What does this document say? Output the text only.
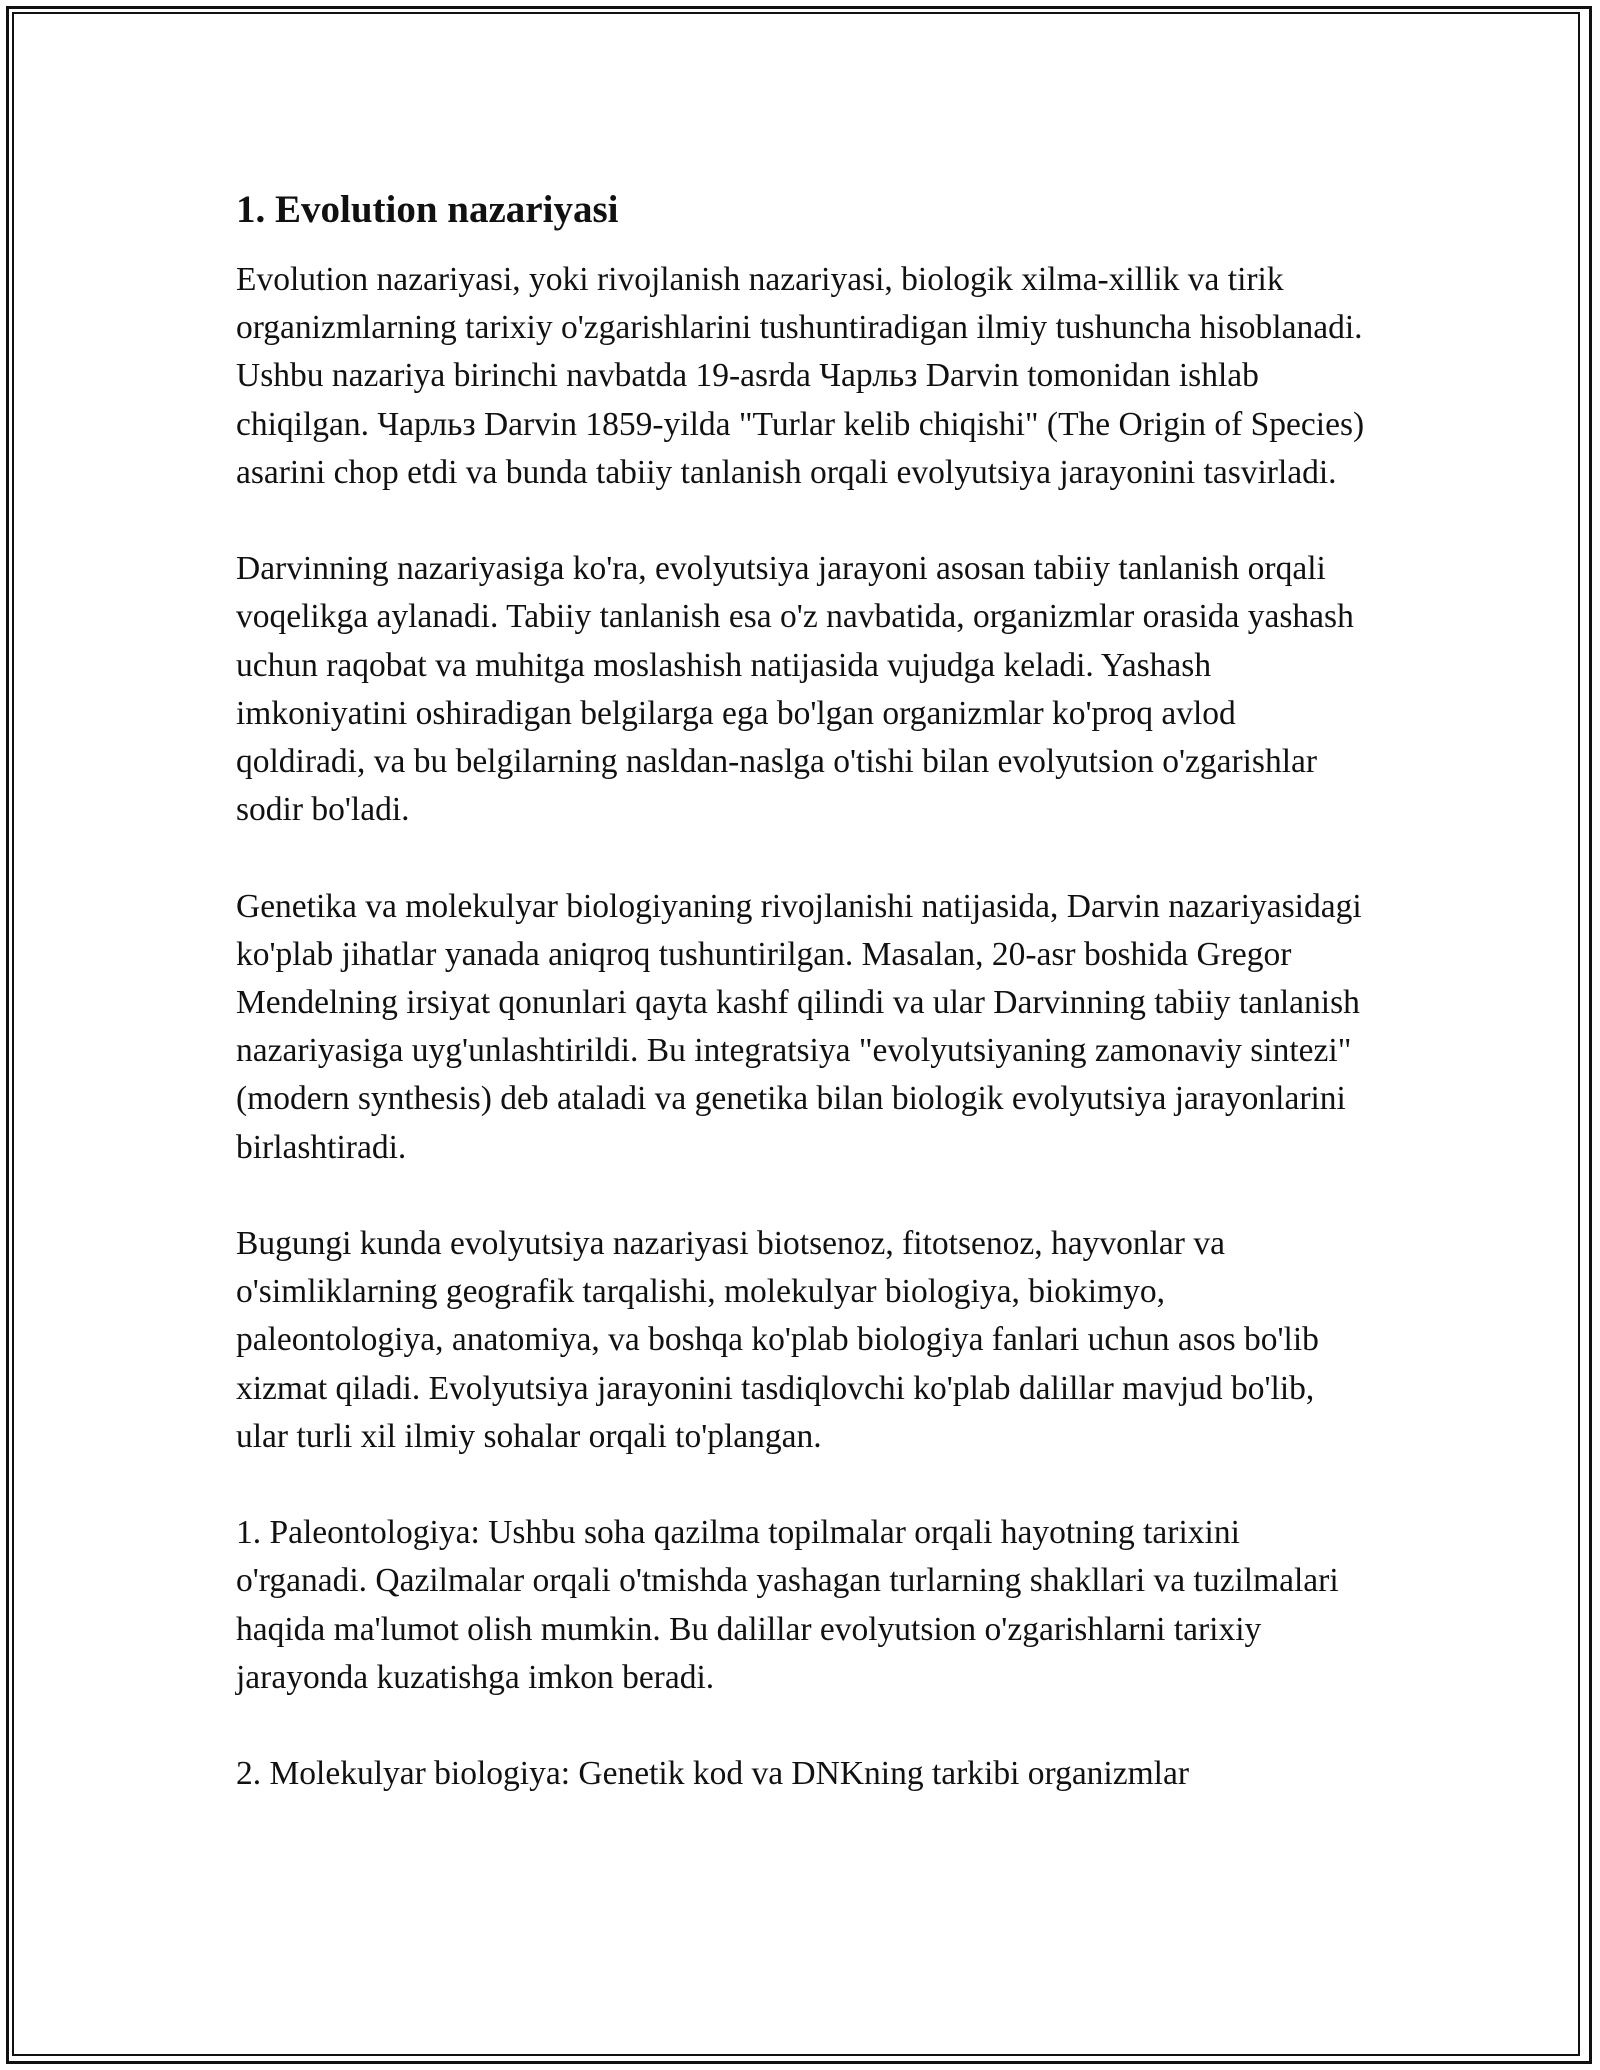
1. Evolution nazariyasi

Evolution nazariyasi, yoki rivojlanish nazariyasi, biologik xilma-xillik va tirik organizmlarning tarixiy o'zgarishlarini tushuntiradigan ilmiy tushuncha hisoblanadi. Ushbu nazariya birinchi navbatda 19-asrda Чарльз Darvin tomonidan ishlab chiqilgan. Чарльз Darvin 1859-yilda "Turlar kelib chiqishi" (The Origin of Species) asarini chop etdi va bunda tabiiy tanlanish orqali evolyutsiya jarayonini tasvirladi.

Darvinning nazariyasiga ko'ra, evolyutsiya jarayoni asosan tabiiy tanlanish orqali voqelikga aylanadi. Tabiiy tanlanish esa o'z navbatida, organizmlar orasida yashash uchun raqobat va muhitga moslashish natijasida vujudga keladi. Yashash imkoniyatini oshiradigan belgilarga ega bo'lgan organizmlar ko'proq avlod qoldiradi, va bu belgilarning nasldan-naslga o'tishi bilan evolyutsion o'zgarishlar sodir bo'ladi.

Genetika va molekulyar biologiyaning rivojlanishi natijasida, Darvin nazariyasidagi ko'plab jihatlar yanada aniqroq tushuntirilgan. Masalan, 20-asr boshida Gregor Mendelning irsiyat qonunlari qayta kashf qilindi va ular Darvinning tabiiy tanlanish nazariyasiga uyg'unlashtirildi. Bu integratsiya "evolyutsiyaning zamonaviy sintezi" (modern synthesis) deb ataladi va genetika bilan biologik evolyutsiya jarayonlarini birlashtiradi.

Bugungi kunda evolyutsiya nazariyasi biotsenoz, fitotsenoz, hayvonlar va o'simliklarning geografik tarqalishi, molekulyar biologiya, biokimyo, paleontologiya, anatomiya, va boshqa ko'plab biologiya fanlari uchun asos bo'lib xizmat qiladi. Evolyutsiya jarayonini tasdiqlovchi ko'plab dalillar mavjud bo'lib, ular turli xil ilmiy sohalar orqali to'plangan.

1. Paleontologiya: Ushbu soha qazilma topilmalar orqali hayotning tarixini o'rganadi. Qazilmalar orqali o'tmishda yashagan turlarning shakllari va tuzilmalari haqida ma'lumot olish mumkin. Bu dalillar evolyutsion o'zgarishlarni tarixiy jarayonda kuzatishga imkon beradi.

2. Molekulyar biologiya: Genetik kod va DNKning tarkibi organizmlar
